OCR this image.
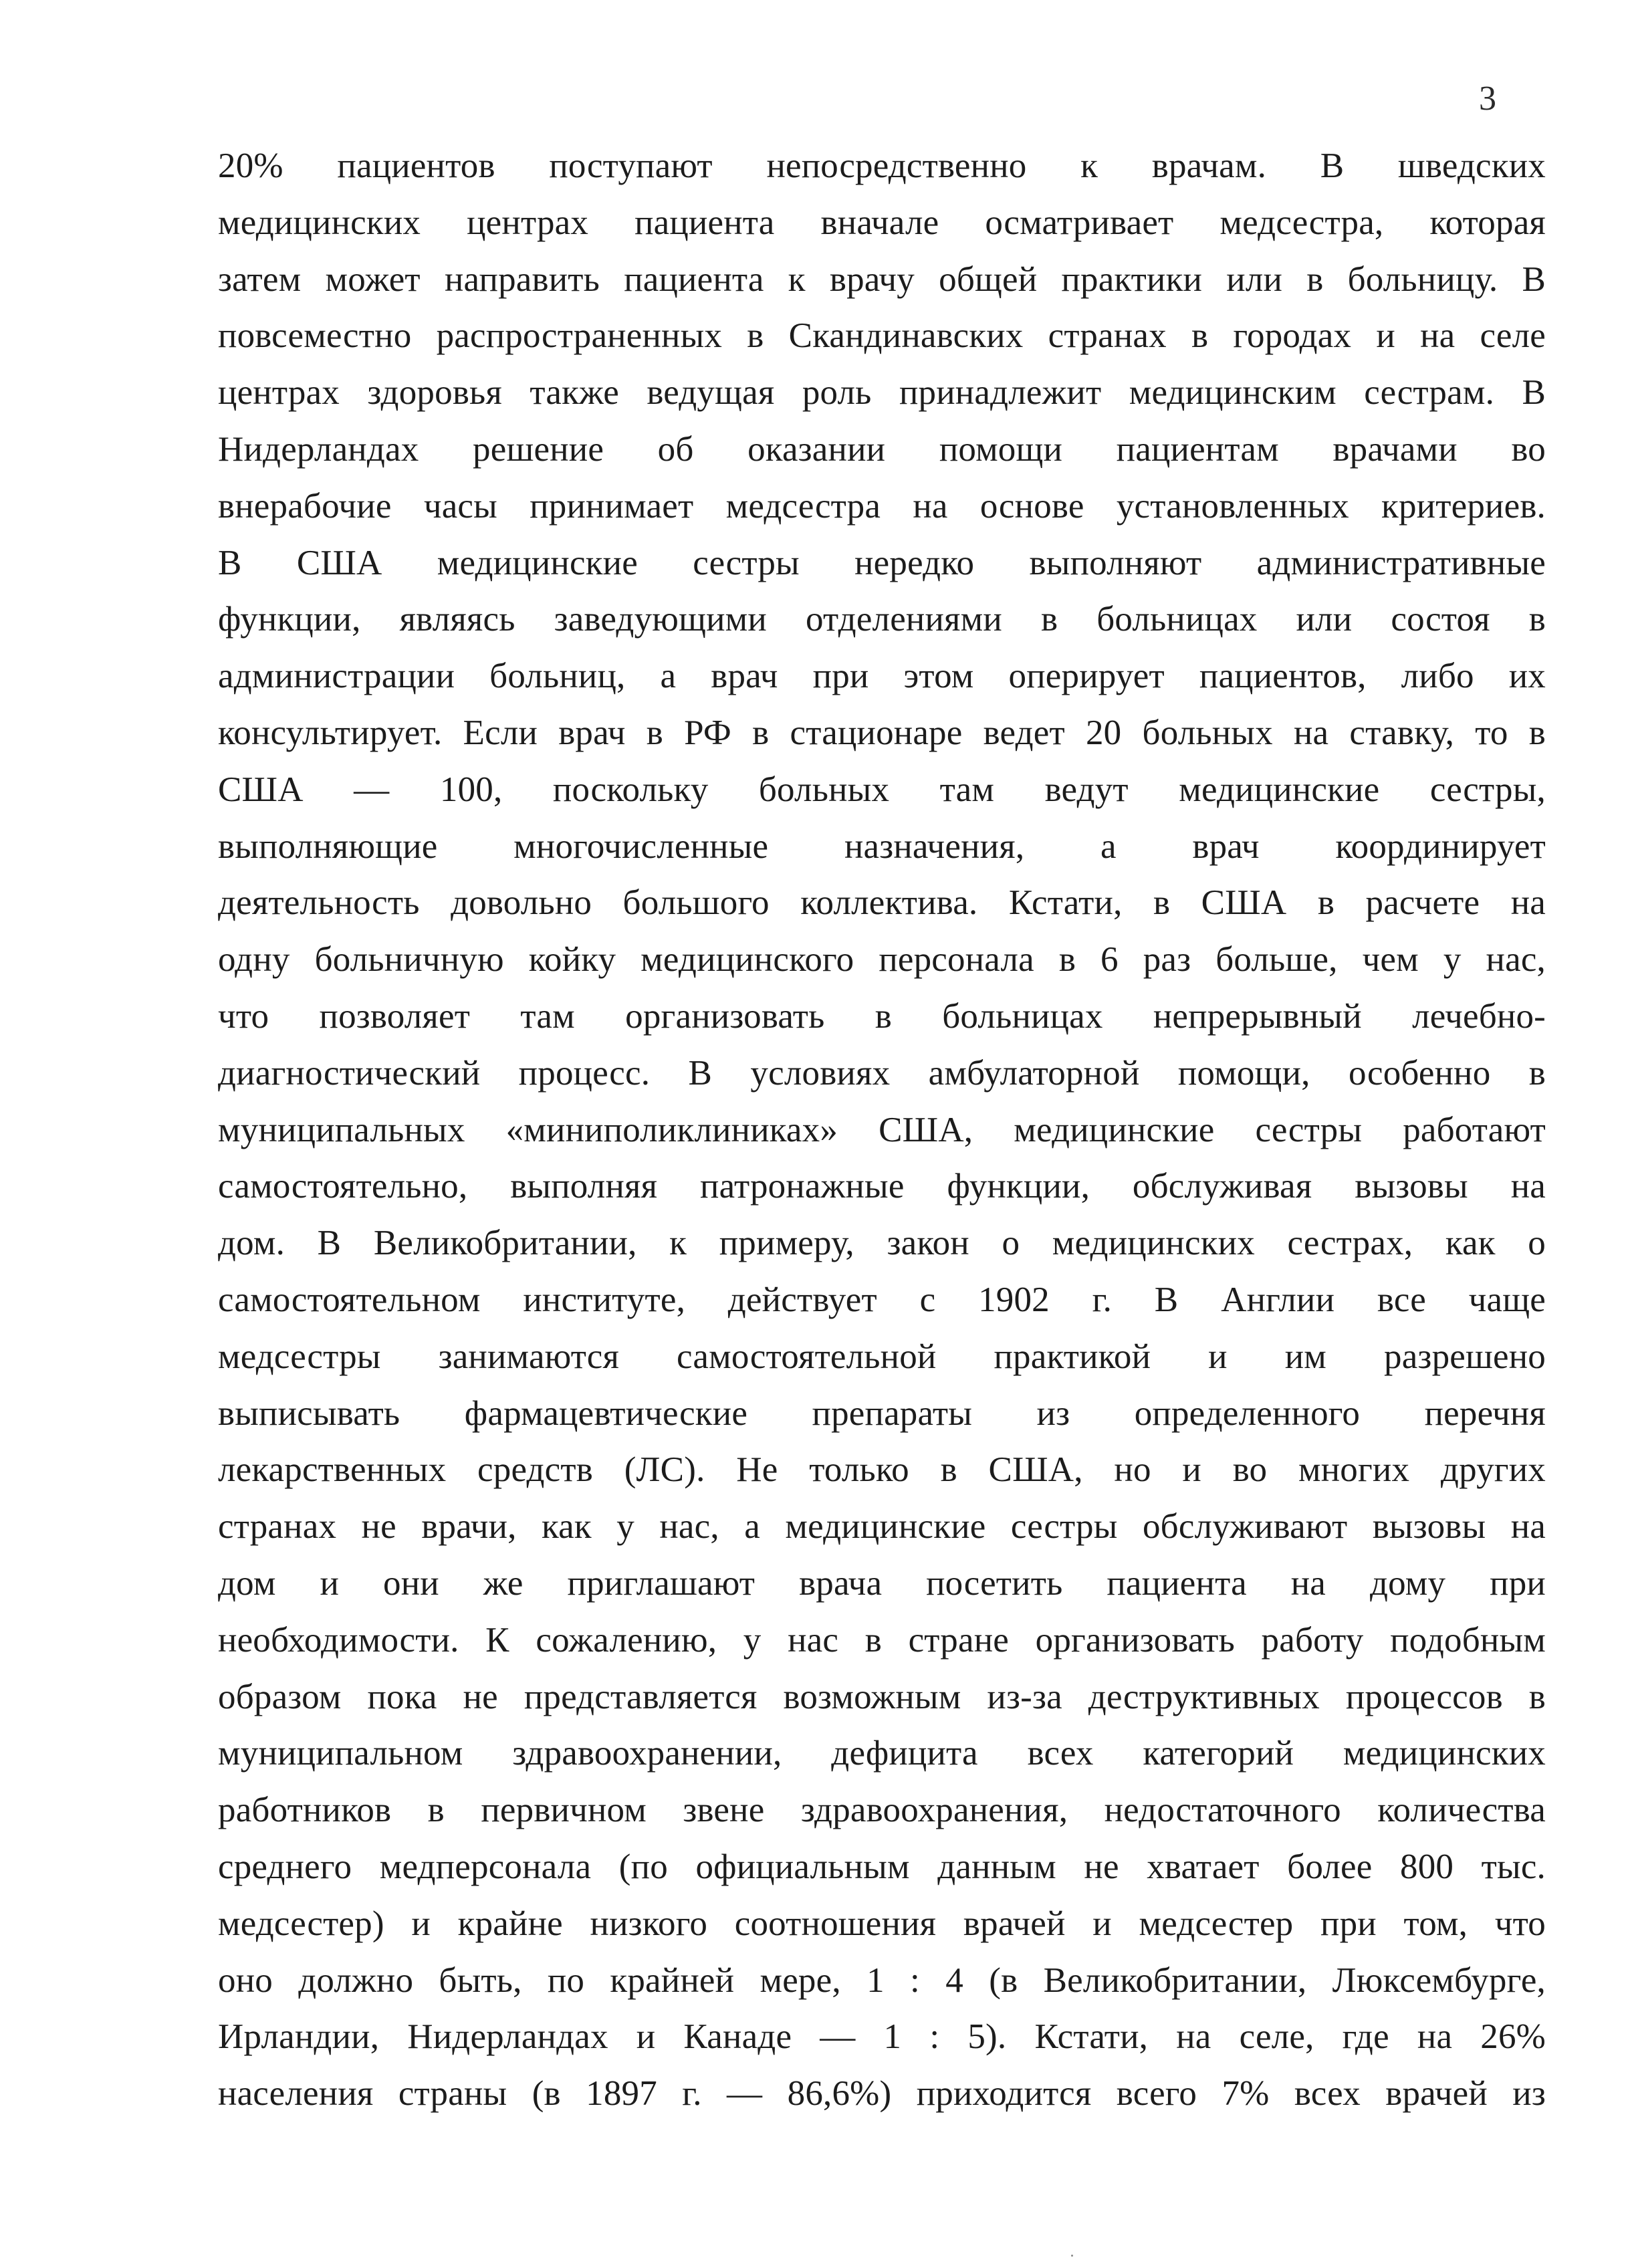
3
20% пациентов поступают непосредственно к врачам. В шведских
медицинских центрах пациента вначале осматривает медсестра, которая
затем может направить пациента к врачу общей практики или в больницу. В
повсеместно распространенных в Скандинавских странах в городах и на селе
центрах здоровья также ведущая роль принадлежит медицинским сестрам. В
Нидерландах решение об оказании помощи пациентам врачами во
внерабочие часы принимает медсестра на основе установленных критериев.
В США медицинские сестры нередко выполняют административные
функции, являясь заведующими отделениями в больницах или состоя в
администрации больниц, а врач при этом оперирует пациентов, либо их
консультирует. Если врач в РФ в стационаре ведет 20 больных на ставку, то в
США — 100, поскольку больных там ведут медицинские сестры,
выполняющие многочисленные назначения, а врач координирует
деятельность довольно большого коллектива. Кстати, в США в расчете на
одну больничную койку медицинского персонала в 6 раз больше, чем у нас,
что позволяет там организовать в больницах непрерывный лечебно-
диагностический процесс. В условиях амбулаторной помощи, особенно в
муниципальных «миниполиклиниках» США, медицинские сестры работают
самостоятельно, выполняя патронажные функции, обслуживая вызовы на
дом. В Великобритании, к примеру, закон о медицинских сестрах, как о
самостоятельном институте, действует с 1902 г. В Англии все чаще
медсестры занимаются самостоятельной практикой и им разрешено
выписывать фармацевтические препараты из определенного перечня
лекарственных средств (ЛС). Не только в США, но и во многих другиx
странах не врачи, как у нас, а медицинские сестры обслуживают вызовы на
дом и они же приглашают врача посетить пациента на дому при
необходимости. К сожалению, у нас в стране организовать работу подобным
образом пока не представляется возможным из-за деструктивных процессов в
муниципальном здравоохранении, дефицита всех категорий медицинских
работников в первичном звене здравоохранения, недостаточного количества
среднего медперсонала (по официальным данным не хватает более 800 тыс.
медсестер) и крайне низкого соотношения врачей и медсестер при том, что
оно должно быть, по крайней мере, 1 : 4 (в Великобритании, Люксембурге,
Ирландии, Нидерландах и Канаде — 1 : 5). Кстати, на селе, где на 26%
населения страны (в 1897 г. — 86,6%) приходится всего 7% всех врачей из
